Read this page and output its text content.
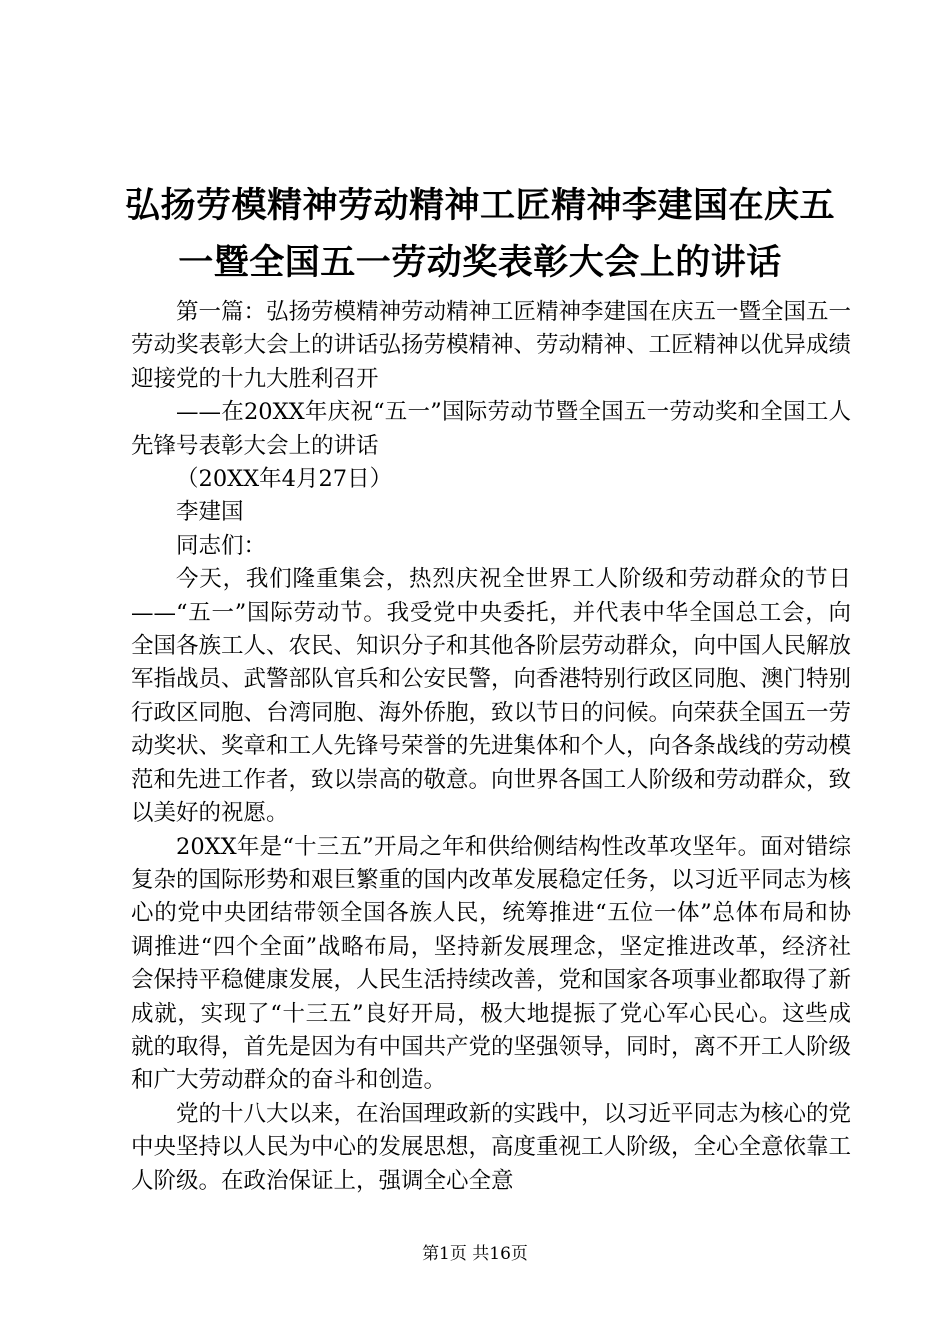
弘扬劳模精神劳动精神工匠精神李建国在庆五一暨全国五一劳动奖表彰大会上的讲话

第一篇：弘扬劳模精神劳动精神工匠精神李建国在庆五一暨全国五一劳动奖表彰大会上的讲话弘扬劳模精神、劳动精神、工匠精神以优异成绩迎接党的十九大胜利召开

——在20XX年庆祝“五一”国际劳动节暨全国五一劳动奖和全国工人先锋号表彰大会上的讲话

（20XX年4月27日）

李建国

同志们：

今天，我们隆重集会，热烈庆祝全世界工人阶级和劳动群众的节日——“五一”国际劳动节。我受党中央委托，并代表中华全国总工会，向全国各族工人、农民、知识分子和其他各阶层劳动群众，向中国人民解放军指战员、武警部队官兵和公安民警，向香港特别行政区同胞、澳门特别行政区同胞、台湾同胞、海外侨胞，致以节日的问候。向荣获全国五一劳动奖状、奖章和工人先锋号荣誉的先进集体和个人，向各条战线的劳动模范和先进工作者，致以崇高的敬意。向世界各国工人阶级和劳动群众，致以美好的祝愿。

20XX年是“十三五”开局之年和供给侧结构性改革攻坚年。面对错综复杂的国际形势和艰巨繁重的国内改革发展稳定任务，以习近平同志为核心的党中央团结带领全国各族人民，统筹推进“五位一体”总体布局和协调推进“四个全面”战略布局，坚持新发展理念，坚定推进改革，经济社会保持平稳健康发展，人民生活持续改善，党和国家各项事业都取得了新成就，实现了“十三五”良好开局，极大地提振了党心军心民心。这些成就的取得，首先是因为有中国共产党的坚强领导，同时，离不开工人阶级和广大劳动群众的奋斗和创造。

党的十八大以来，在治国理政新的实践中，以习近平同志为核心的党中央坚持以人民为中心的发展思想，高度重视工人阶级，全心全意依靠工人阶级。在政治保证上，强调全心全意

第1页 共16页
